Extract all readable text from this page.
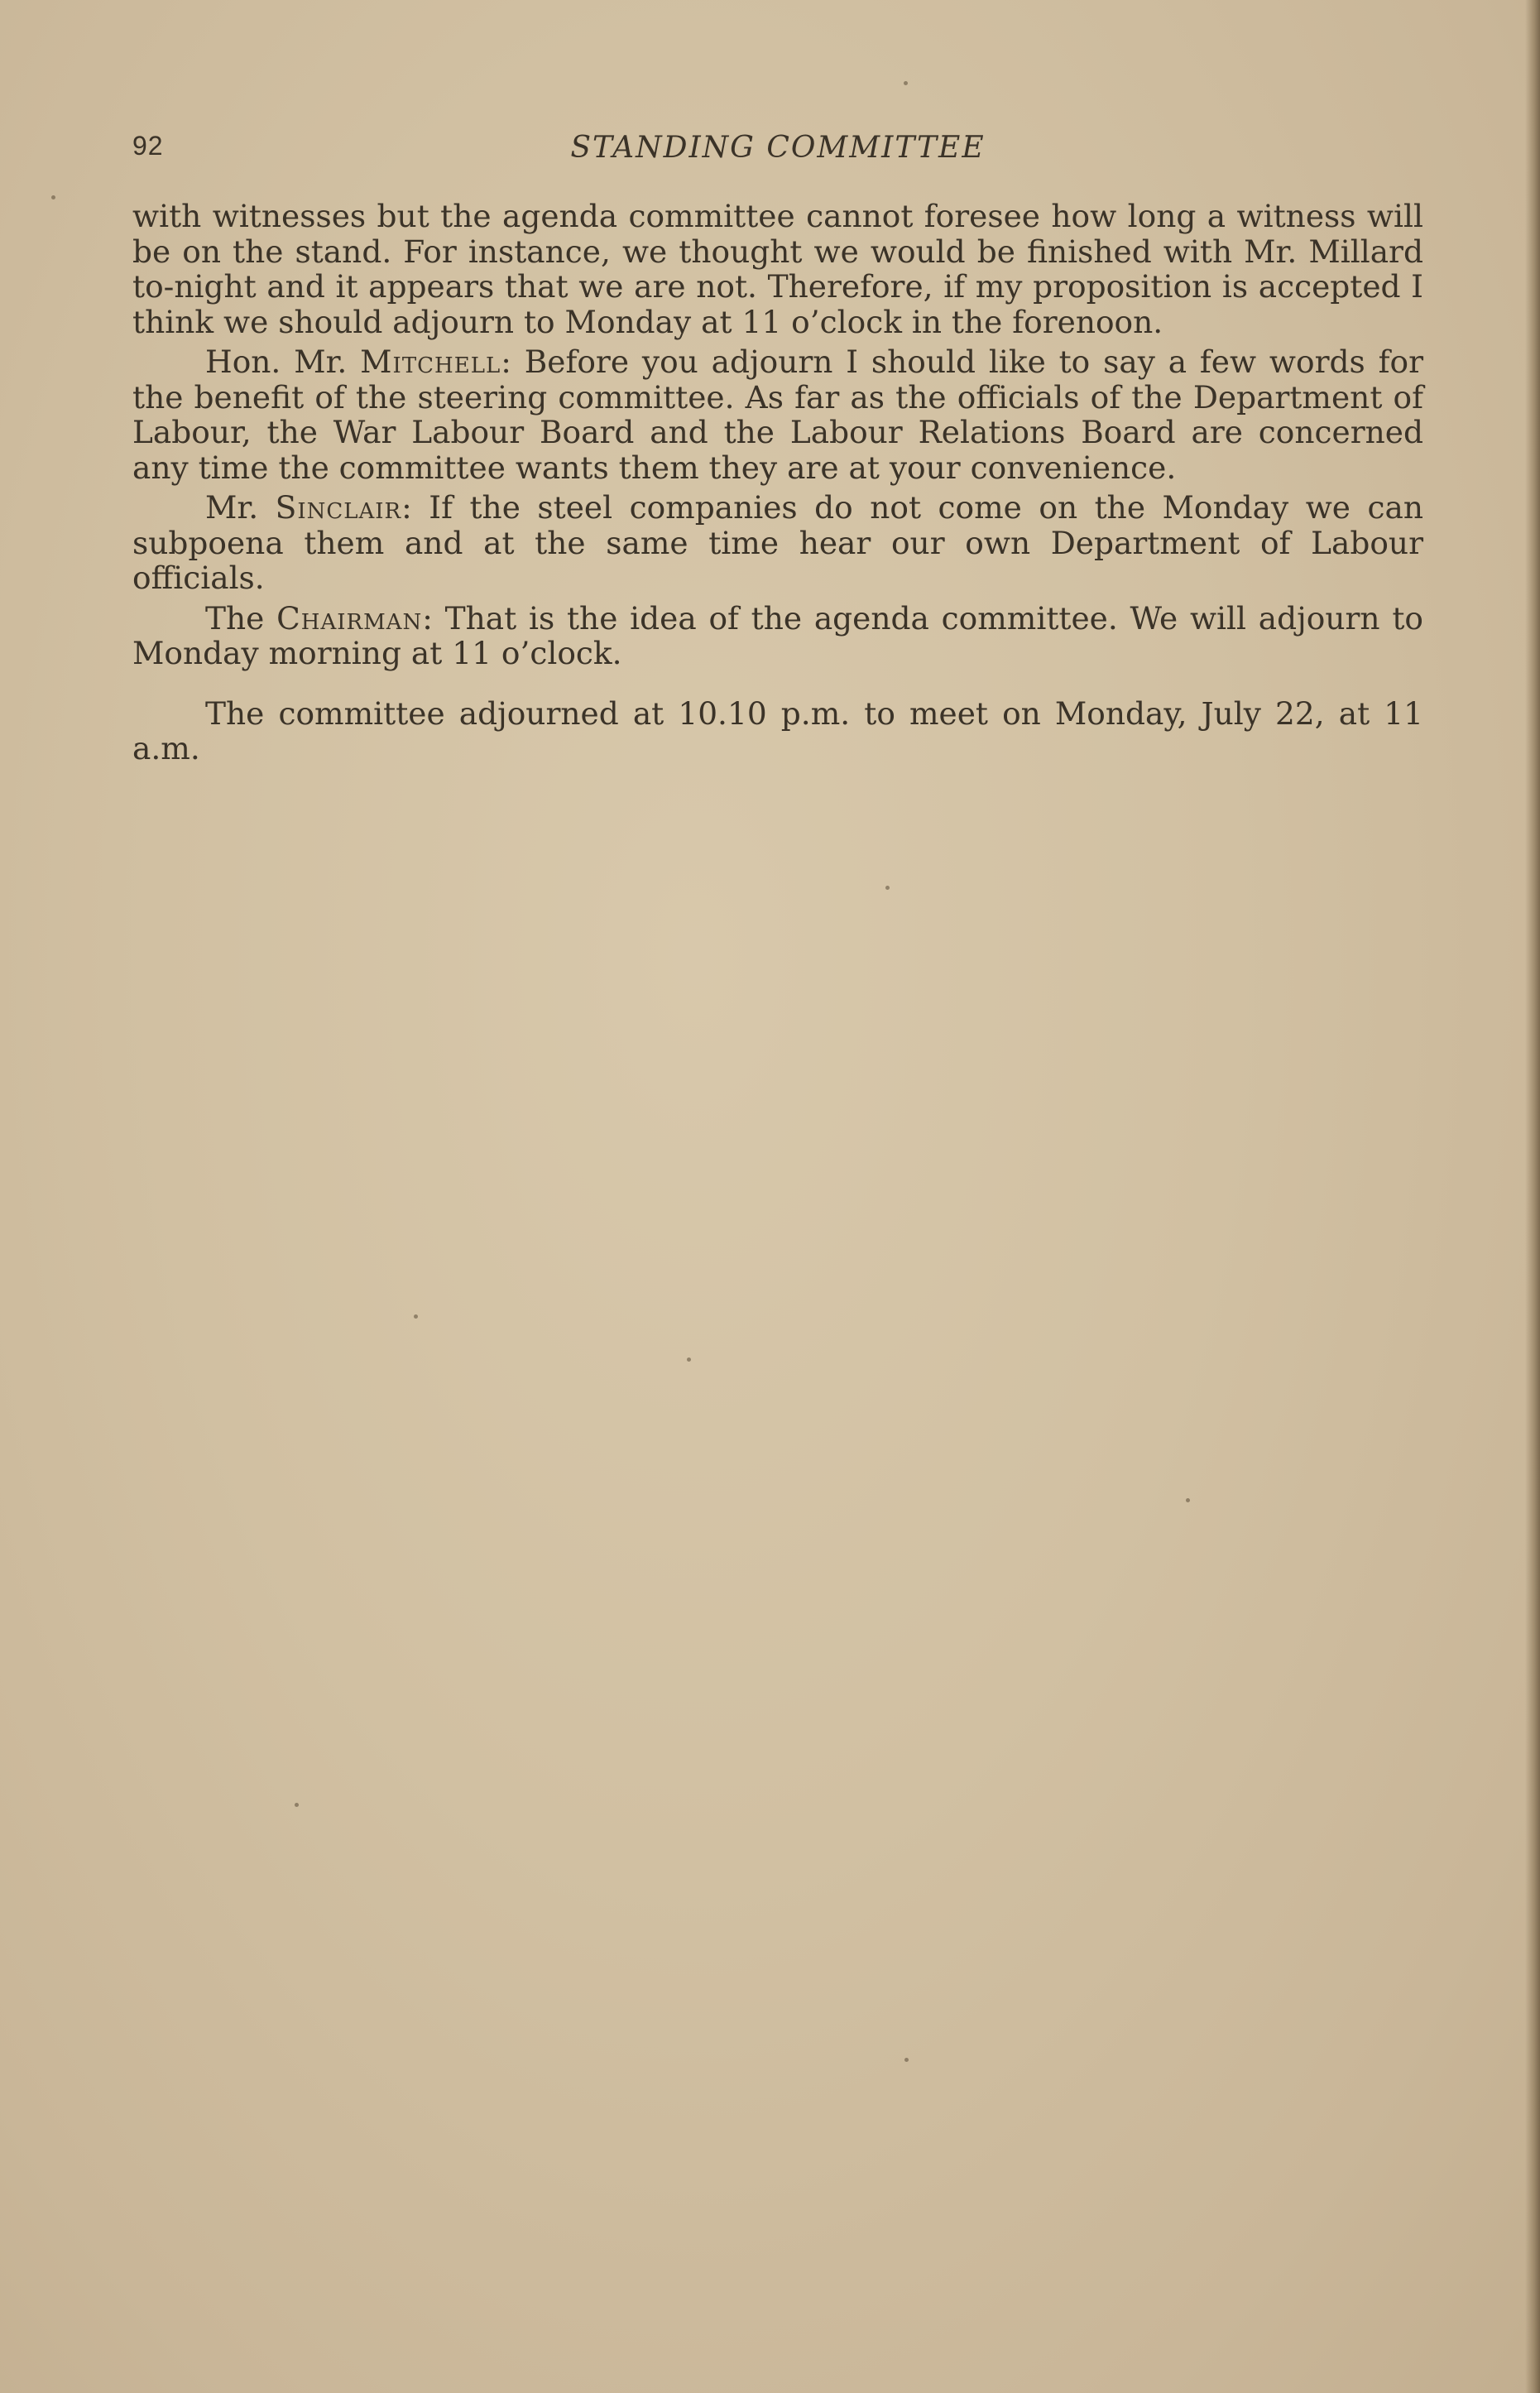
92	STANDING COMMITTEE

with witnesses but the agenda committee cannot foresee how long a witness will be on the stand. For instance, we thought we would be finished with Mr. Millard to-night and it appears that we are not. Therefore, if my proposition is accepted I think we should adjourn to Monday at 11 o’clock in the forenoon.

Hon. Mr. Mitchell: Before you adjourn I should like to say a few words for the benefit of the steering committee. As far as the officials of the Department of Labour, the War Labour Board and the Labour Relations Board are concerned any time the committee wants them they are at your convenience.

Mr. Sinclair: If the steel companies do not come on the Monday we can subpoena them and at the same time hear our own Department of Labour officials.

The Chairman: That is the idea of the agenda committee. We will adjourn to Monday morning at 11 o’clock.

The committee adjourned at 10.10 p.m. to meet on Monday, July 22, at 11 a.m.
